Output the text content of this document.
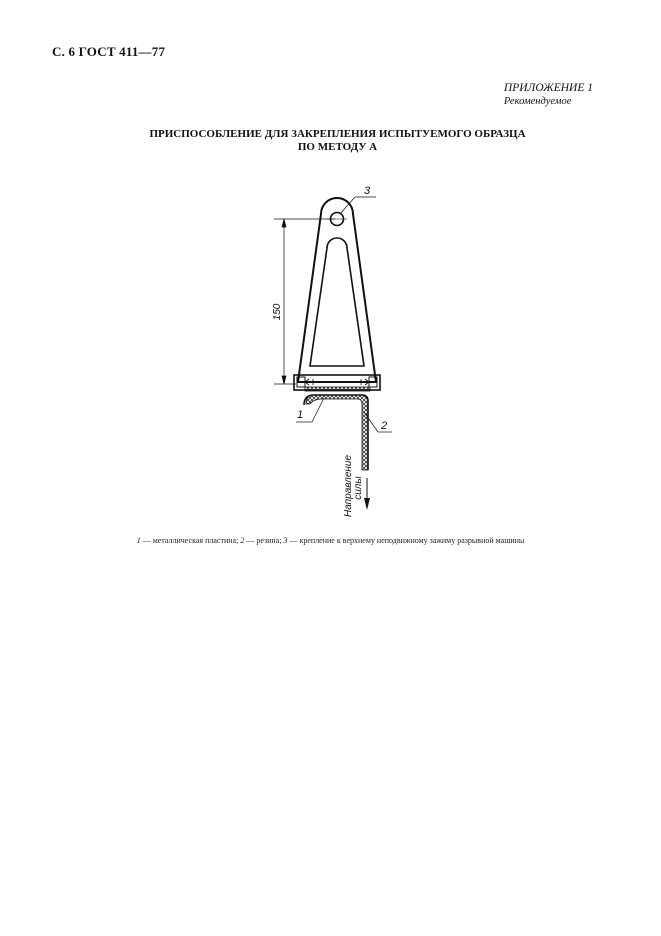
С. 6 ГОСТ 411—77
ПРИЛОЖЕНИЕ 1
Рекомендуемое
ПРИСПОСОБЛЕНИЕ ДЛЯ ЗАКРЕПЛЕНИЯ ИСПЫТУЕМОГО ОБРАЗЦА
ПО МЕТОДУ А
150
3
1
2
Направление силы
1 — металлическая пластина; 2 — резина; 3 — крепление к верхнему неподвижному зажиму разрывной машины
